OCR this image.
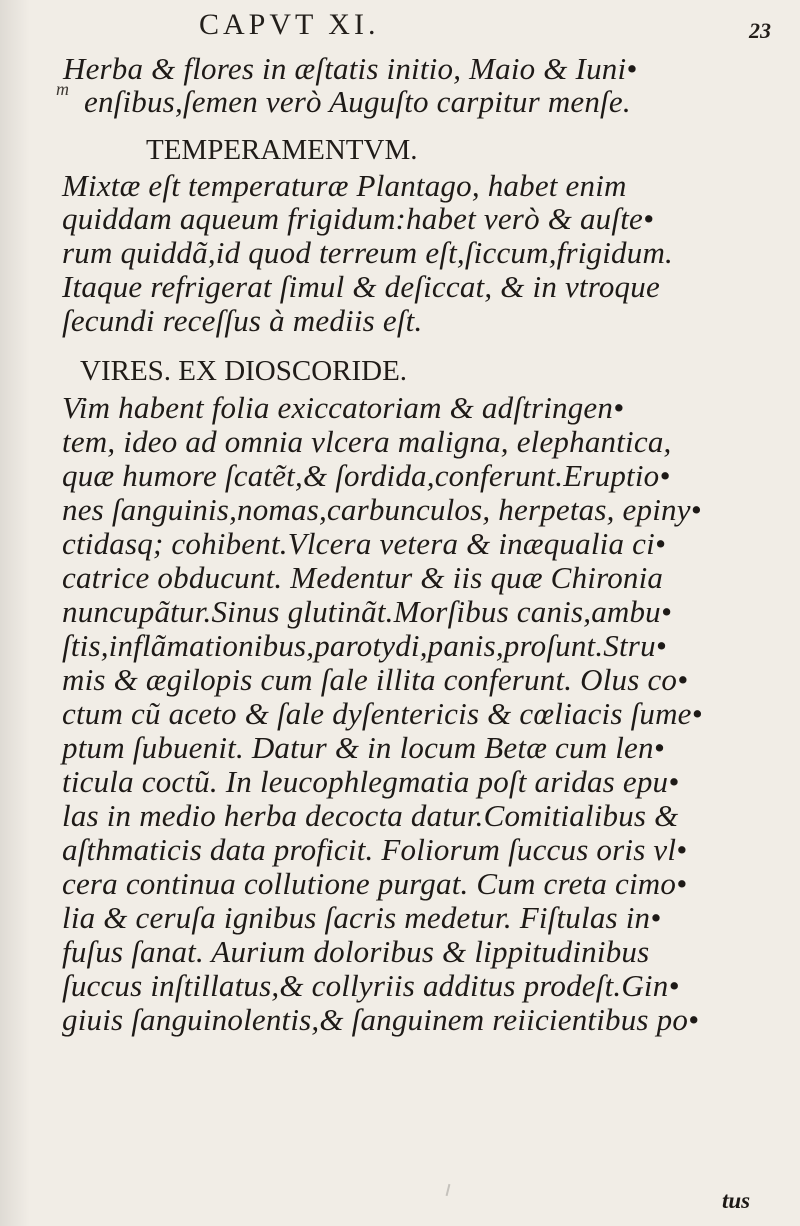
CAPVT XI.	23
m
Herba & flores in æſtatis initio, Maio & Iuni•
enſibus,ſemen verò Auguſto carpitur menſe.
TEMPERAMENTVM.
Mixtæ eſt temperaturæ Plantago, habet enim
quiddam aqueum frigidum:habet verò & auſte•
rum quiddã,id quod terreum eſt,ſiccum,frigidum.
Itaque refrigerat ſimul & deſiccat, & in vtroque
ſecundi receſſus à mediis eſt.
VIRES. EX DIOSCORIDE.
Vim habent folia exiccatoriam & adſtringen•
tem, ideo ad omnia vlcera maligna, elephantica,
quæ humore ſcatẽt,& ſordida,conferunt.Eruptio•
nes ſanguinis,nomas,carbunculos, herpetas, epiny•
ctidasq; cohibent.Vlcera vetera & inæqualia ci•
catrice obducunt. Medentur & iis quæ Chironia
nuncupãtur.Sinus glutinãt.Morſibus canis,ambu•
ſtis,inflãmationibus,parotydi,panis,proſunt.Stru•
mis & ægilopis cum ſale illita conferunt. Olus co•
ctum cũ aceto & ſale dyſentericis & cœliacis ſume•
ptum ſubuenit. Datur & in locum Betæ cum len•
ticula coctũ. In leucophlegmatia poſt aridas epu•
las in medio herba decocta datur.Comitialibus &
aſthmaticis data proficit. Foliorum ſuccus oris vl•
cera continua collutione purgat. Cum creta cimo•
lia & ceruſa ignibus ſacris medetur. Fiſtulas in•
fuſus ſanat. Aurium doloribus & lippitudinibus
ſuccus inſtillatus,& collyriis additus prodeſt.Gin•
giuis ſanguinolentis,& ſanguinem reiicientibus po•
tus
